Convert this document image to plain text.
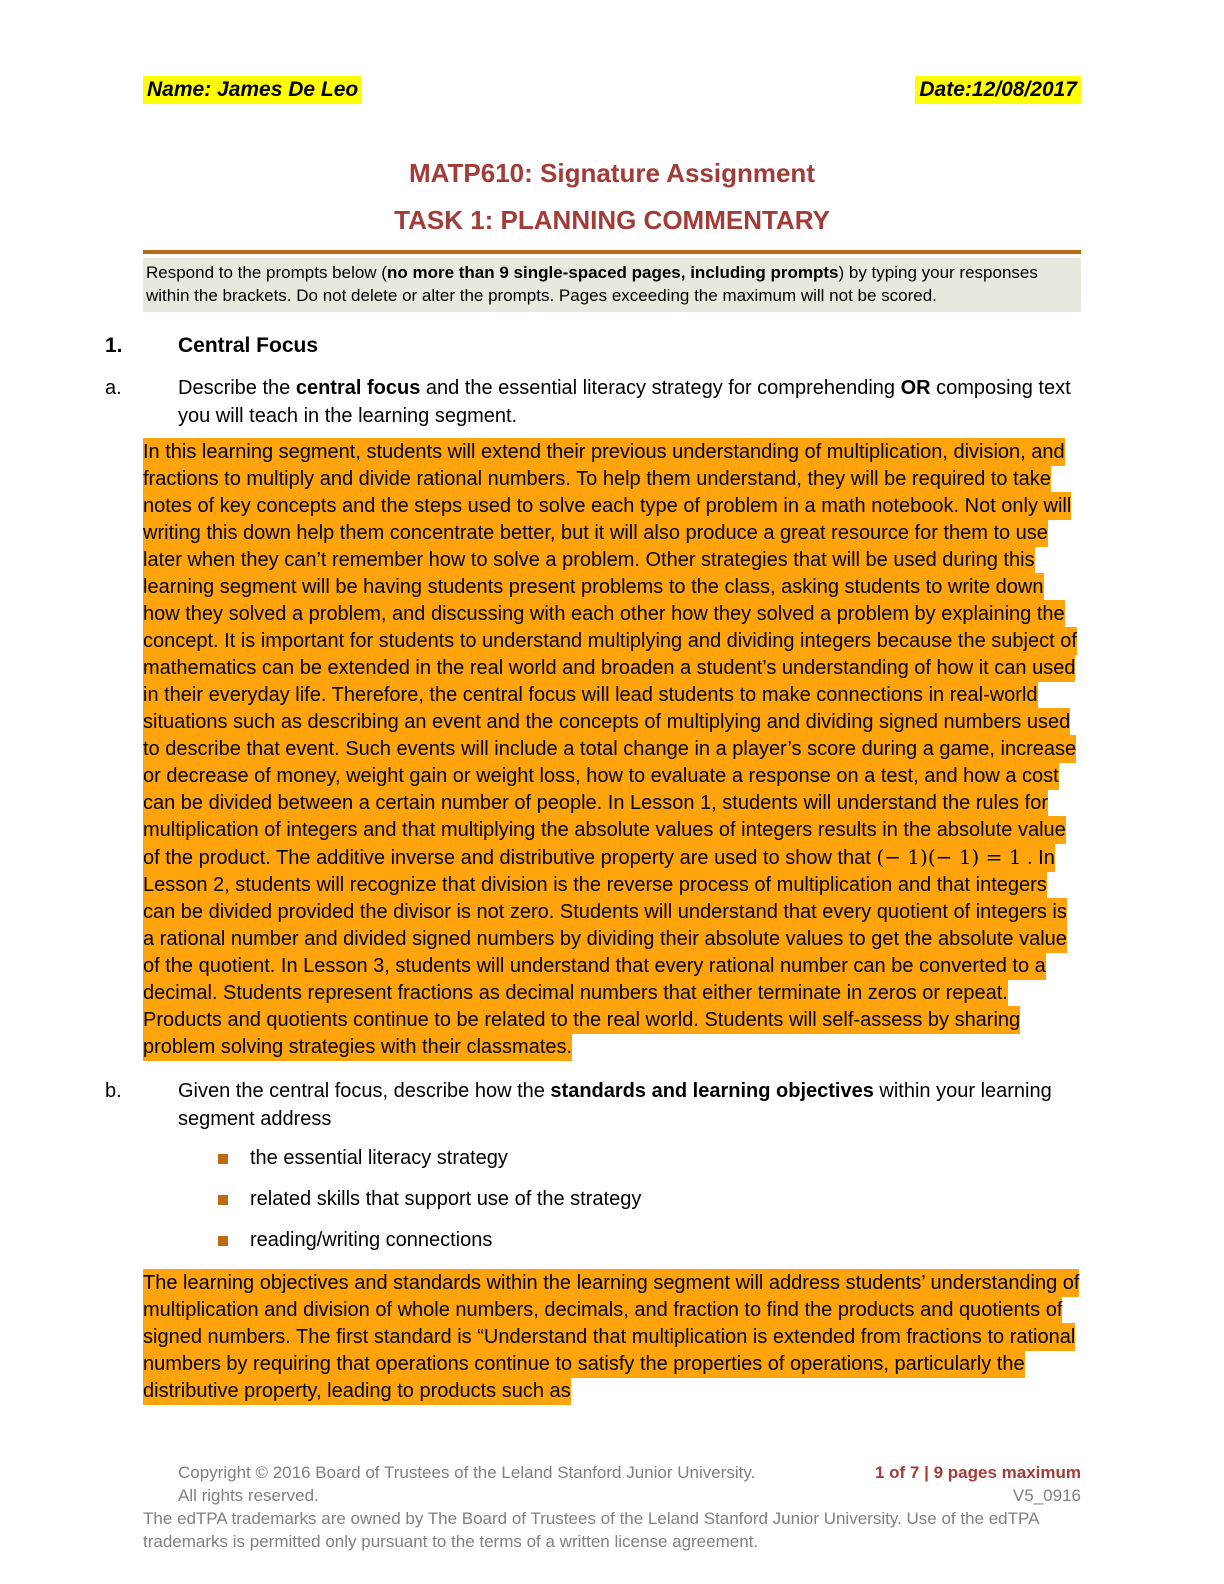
Name: James De Leo	Date:12/08/2017
MATP610: Signature Assignment
TASK 1: PLANNING COMMENTARY
Respond to the prompts below (no more than 9 single-spaced pages, including prompts) by typing your responses within the brackets. Do not delete or alter the prompts. Pages exceeding the maximum will not be scored.
1.	Central Focus
a.	Describe the central focus and the essential literacy strategy for comprehending OR composing text you will teach in the learning segment.
In this learning segment, students will extend their previous understanding of multiplication, division, and fractions to multiply and divide rational numbers. To help them understand, they will be required to take notes of key concepts and the steps used to solve each type of problem in a math notebook. Not only will writing this down help them concentrate better, but it will also produce a great resource for them to use later when they can’t remember how to solve a problem. Other strategies that will be used during this learning segment will be having students present problems to the class, asking students to write down how they solved a problem, and discussing with each other how they solved a problem by explaining the concept. It is important for students to understand multiplying and dividing integers because the subject of mathematics can be extended in the real world and broaden a student’s understanding of how it can used in their everyday life. Therefore, the central focus will lead students to make connections in real-world situations such as describing an event and the concepts of multiplying and dividing signed numbers used to describe that event. Such events will include a total change in a player’s score during a game, increase or decrease of money, weight gain or weight loss, how to evaluate a response on a test, and how a cost can be divided between a certain number of people. In Lesson 1, students will understand the rules for multiplication of integers and that multiplying the absolute values of integers results in the absolute value of the product. The additive inverse and distributive property are used to show that (− 1)(− 1) = 1 . In Lesson 2, students will recognize that division is the reverse process of multiplication and that integers can be divided provided the divisor is not zero. Students will understand that every quotient of integers is a rational number and divided signed numbers by dividing their absolute values to get the absolute value of the quotient. In Lesson 3, students will understand that every rational number can be converted to a decimal. Students represent fractions as decimal numbers that either terminate in zeros or repeat. Products and quotients continue to be related to the real world. Students will self-assess by sharing problem solving strategies with their classmates.
b.	Given the central focus, describe how the standards and learning objectives within your learning segment address
the essential literacy strategy
related skills that support use of the strategy
reading/writing connections
The learning objectives and standards within the learning segment will address students’ understanding of multiplication and division of whole numbers, decimals, and fraction to find the products and quotients of signed numbers. The first standard is “Understand that multiplication is extended from fractions to rational numbers by requiring that operations continue to satisfy the properties of operations, particularly the distributive property, leading to products such as
Copyright © 2016 Board of Trustees of the Leland Stanford Junior University.	1 of 7 | 9 pages maximum
All rights reserved.	V5_0916
The edTPA trademarks are owned by The Board of Trustees of the Leland Stanford Junior University. Use of the edTPA trademarks is permitted only pursuant to the terms of a written license agreement.
